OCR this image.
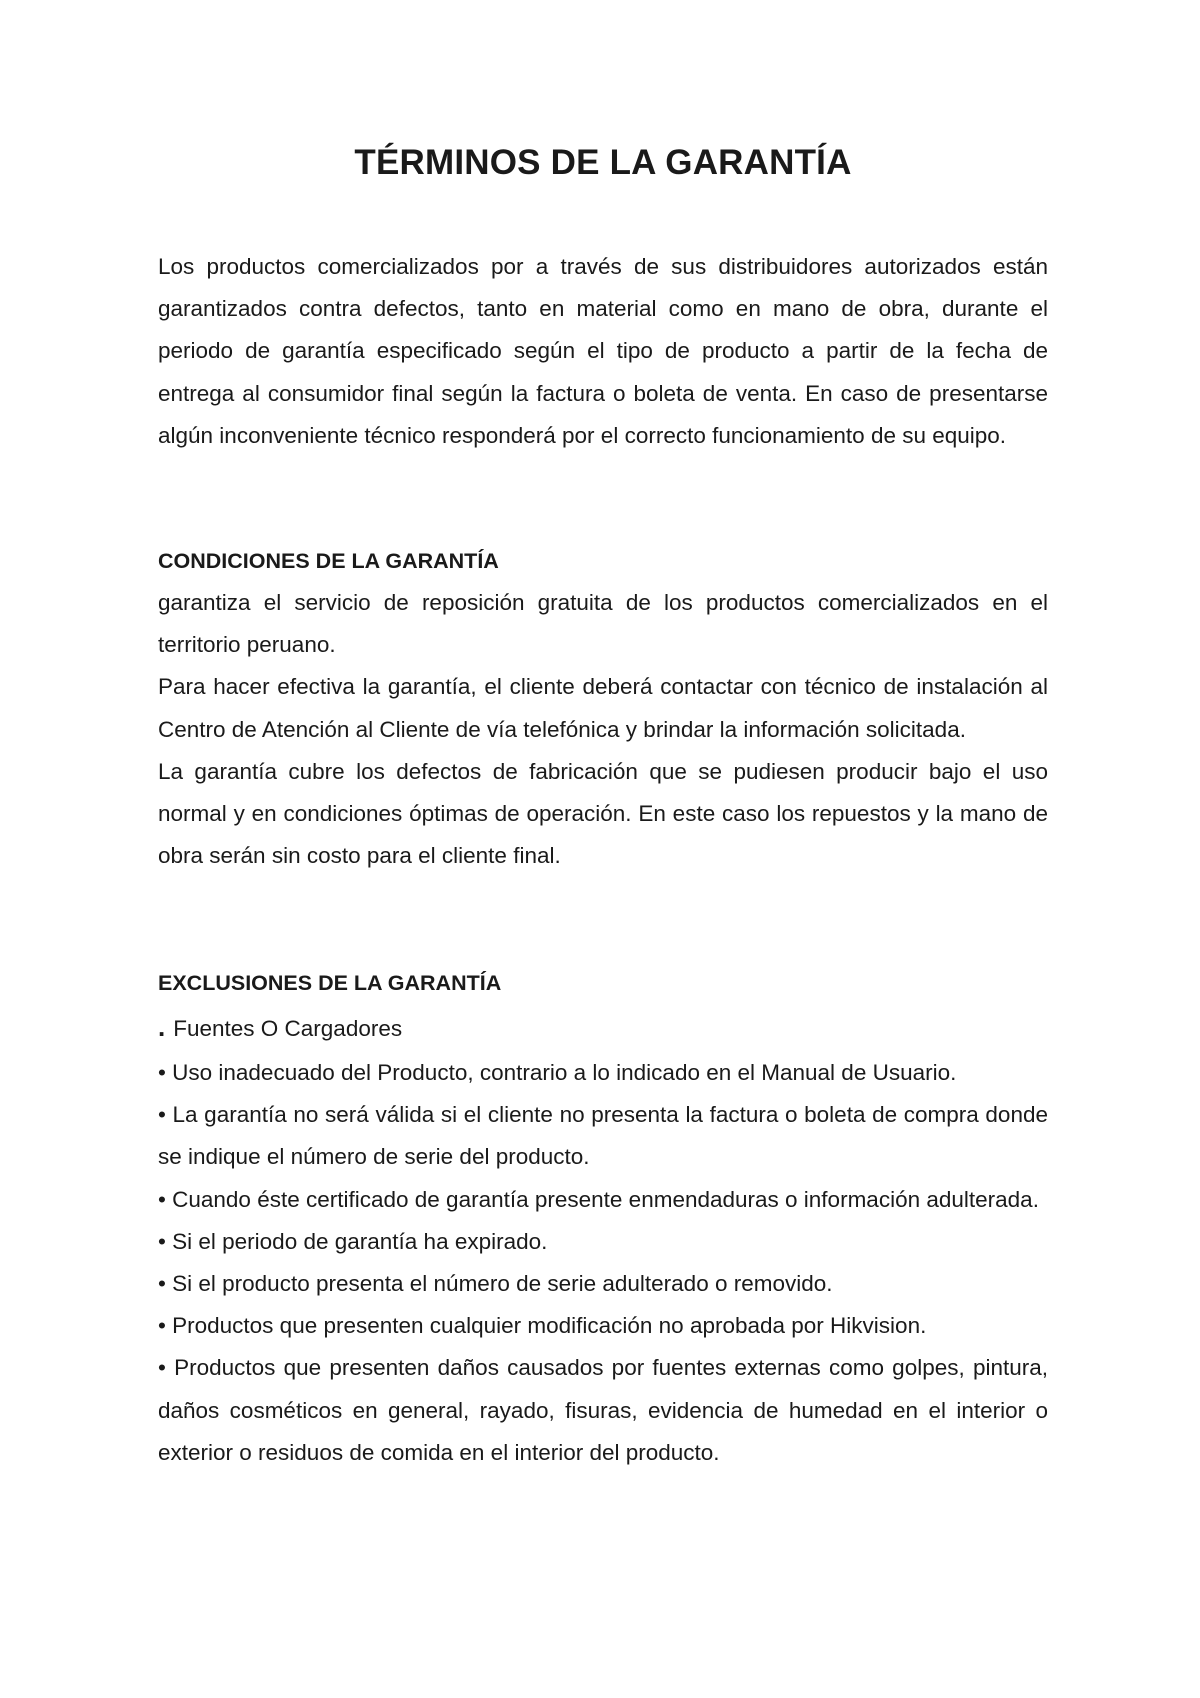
TÉRMINOS DE LA GARANTÍA

Los productos comercializados por a través de sus distribuidores autorizados están garantizados contra defectos, tanto en material como en mano de obra, durante el periodo de garantía especificado según el tipo de producto a partir de la fecha de entrega al consumidor final según la factura o boleta de venta. En caso de presentarse algún inconveniente técnico responderá por el correcto funcionamiento de su equipo.

CONDICIONES DE LA GARANTÍA

garantiza el servicio de reposición gratuita de los productos comercializados en el territorio peruano.

Para hacer efectiva la garantía, el cliente deberá contactar con técnico de instalación al Centro de Atención al Cliente de vía telefónica y brindar la información solicitada.

La garantía cubre los defectos de fabricación que se pudiesen producir bajo el uso normal y en condiciones óptimas de operación. En este caso los repuestos y la mano de obra serán sin costo para el cliente final.

EXCLUSIONES DE LA GARANTÍA

. Fuentes O Cargadores

• Uso inadecuado del Producto, contrario a lo indicado en el Manual de Usuario.

• La garantía no será válida si el cliente no presenta la factura o boleta de compra donde se indique el número de serie del producto.

• Cuando éste certificado de garantía presente enmendaduras o información adulterada.

• Si el periodo de garantía ha expirado.

• Si el producto presenta el número de serie adulterado o removido.

• Productos que presenten cualquier modificación no aprobada por Hikvision.

• Productos que presenten daños causados por fuentes externas como golpes, pintura, daños cosméticos en general, rayado, fisuras, evidencia de humedad en el interior o exterior o residuos de comida en el interior del producto.
